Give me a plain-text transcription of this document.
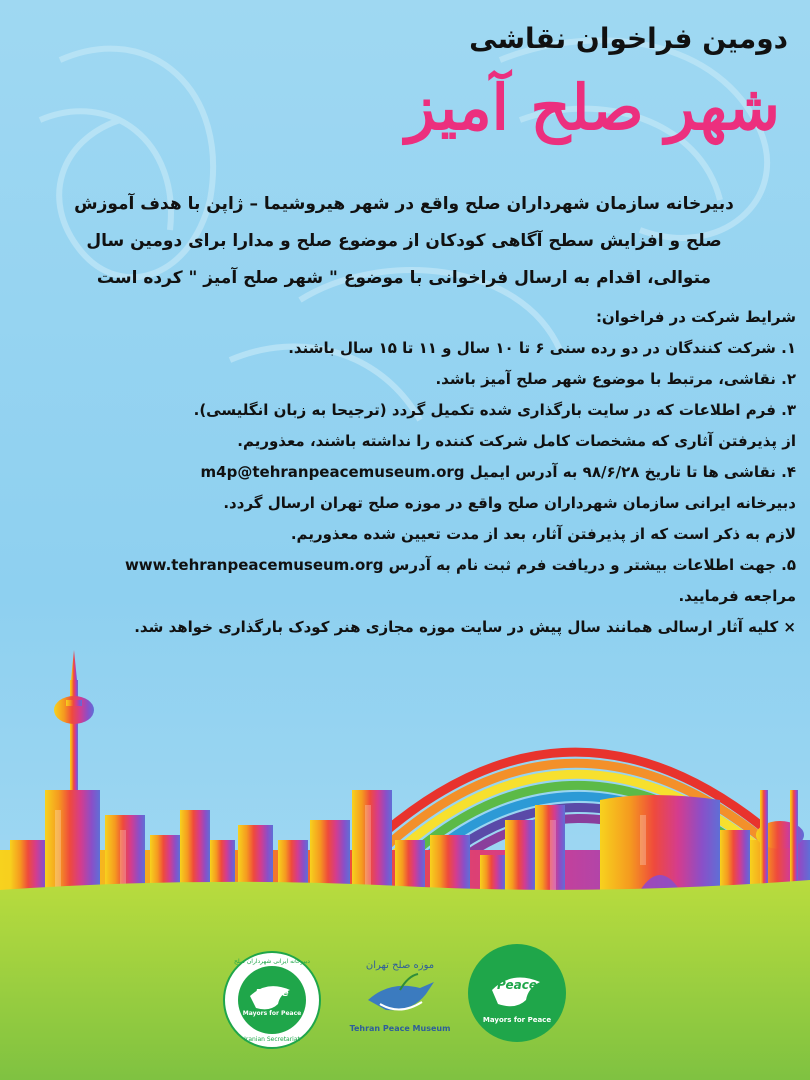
دومین فراخوان نقاشی
شهر صلح آمیز
دبیرخانه سازمان شهرداران صلح واقع در شهر هیروشیما – ژاپن با هدف آموزش
صلح و افزایش سطح آگاهی کودکان از موضوع صلح و مدارا برای دومین سال
متوالی، اقدام به ارسال فراخوانی با موضوع " شهر صلح آمیز " کرده است
شرایط شرکت در فراخوان:
۱. شرکت کنندگان در دو رده سنی ۶ تا ۱۰ سال و ۱۱ تا ۱۵ سال باشند.
۲. نقاشی، مرتبط با موضوع شهر صلح آمیز باشد.
۳. فرم اطلاعات که در سایت بارگذاری شده تکمیل گردد (ترجیحا به زبان انگلیسی).
از پذیرفتن آثاری که مشخصات کامل شرکت کننده را نداشته باشند، معذوریم.
۴. نقاشی ها تا تاریخ ۹۸/۶/۲۸ به آدرس ایمیل m4p@tehranpeacemuseum.org
دبیرخانه ایرانی سازمان شهرداران صلح واقع در موزه صلح تهران ارسال گردد.
لازم به ذکر است که از پذیرفتن آثار، بعد از مدت تعیین شده معذوریم.
۵. جهت اطلاعات بیشتر و دریافت فرم ثبت نام به آدرس www.tehranpeacemuseum.org
مراجعه فرمایید.
× کلیه آثار ارسالی همانند سال پیش در سایت موزه مجازی هنر کودک بارگذاری خواهد شد.
دبیرخانه ایرانی شهرداران صلح
Peace
Mayors for Peace
Iranian Secretariat
موزه صلح تهران
Tehran Peace Museum
Peace
Mayors for Peace
